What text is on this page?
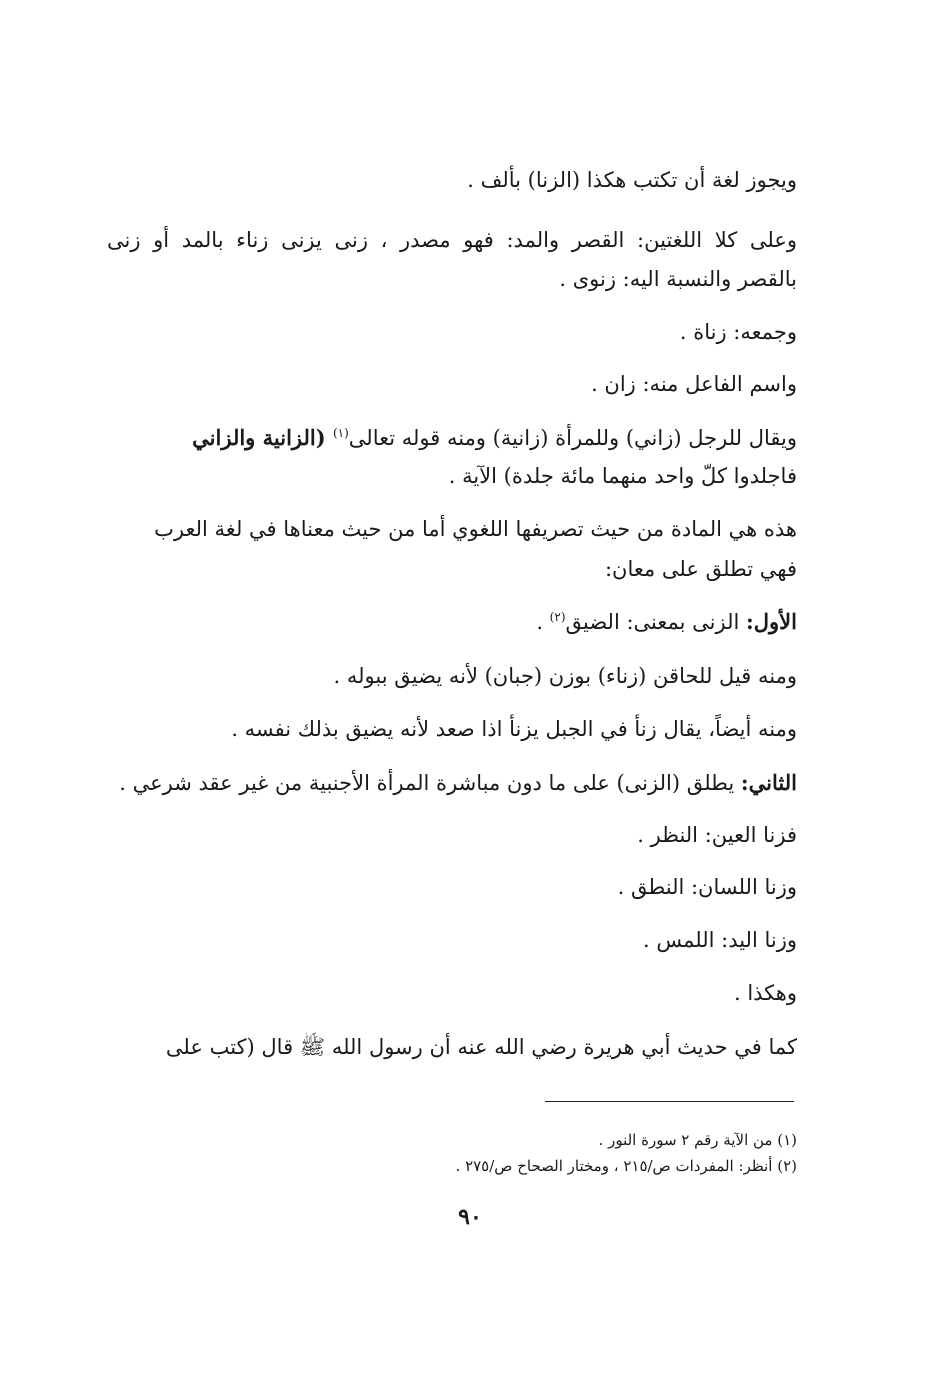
ويجوز لغة أن تكتب هكذا (الزنا) بألف .
وعلى كلا اللغتين: القصر والمد: فهو مصدر ، زنى يزنى زناء بالمد أو زنى
بالقصر والنسبة اليه: زنوى .
وجمعه: زناة .
واسم الفاعل منه: زان .
ويقال للرجل (زاني) وللمرأة (زانية) ومنه قوله تعالى$^{(١)}$ (الزانية والزاني
فاجلدوا كلّ واحد منهما مائة جلدة) الآية .
هذه هي المادة من حيث تصريفها اللغوي أما من حيث معناها في لغة العرب
فهي تطلق على معان:
الأول: الزنى بمعنى: الضيق$^{(٢)}$ .
ومنه قيل للحاقن (زناء) بوزن (جبان) لأنه يضيق ببوله .
ومنه أيضاً، يقال زنأ في الجبل يزنأ اذا صعد لأنه يضيق بذلك نفسه .
الثاني: يطلق (الزنى) على ما دون مباشرة المرأة الأجنبية من غير عقد شرعي .
فزنا العين: النظر .
وزنا اللسان: النطق .
وزنا اليد: اللمس .
وهكذا .
كما في حديث أبي هريرة رضي الله عنه أن رسول الله ﷺ قال (كتب على
(١) من الآية رقم ٢ سورة النور .
(٢) أنظر: المفردات ص/٢١٥ ، ومختار الصحاح ص/٢٧٥ .
٩٠
